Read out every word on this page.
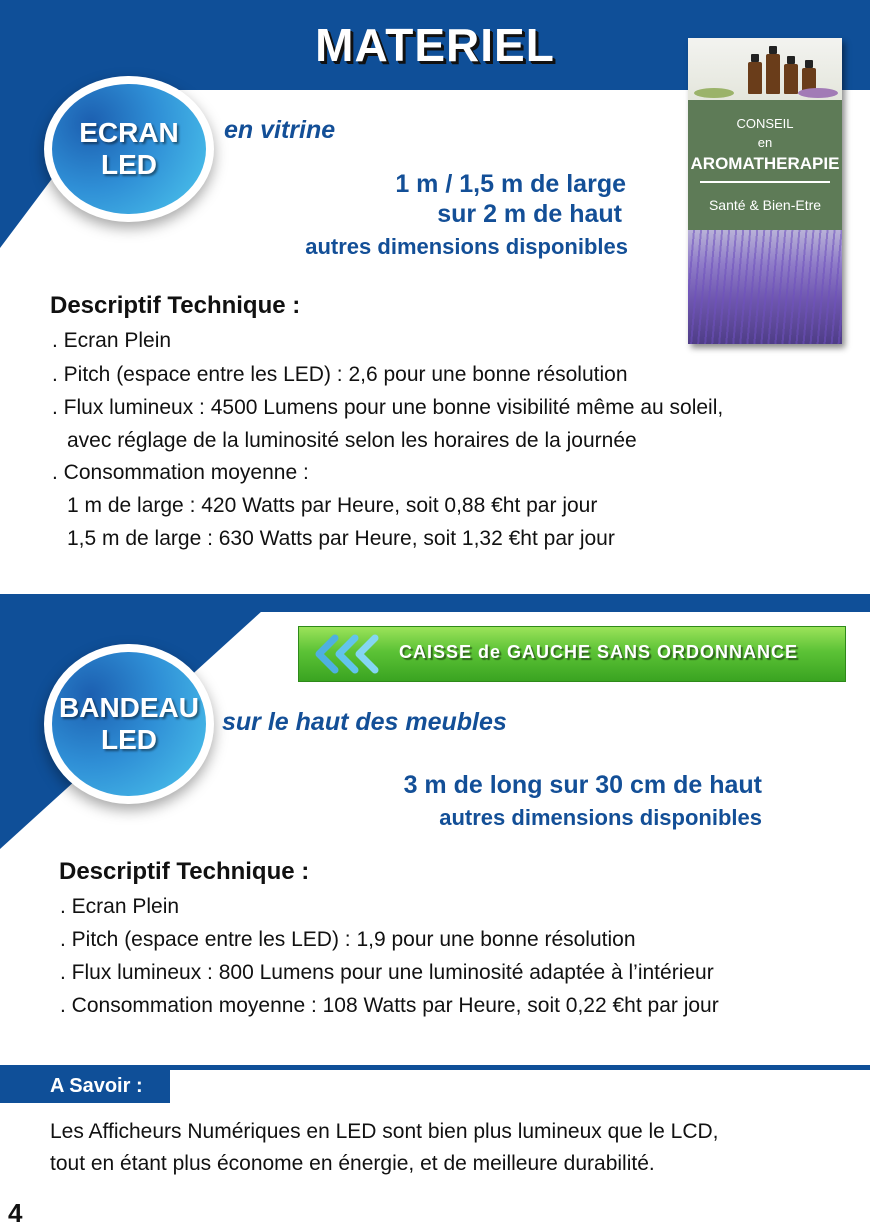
MATERIEL
ECRAN
LED
en vitrine
1 m / 1,5 m de large
sur 2 m de haut
autres dimensions disponibles
CONSEIL
en
AROMATHERAPIE
Santé & Bien-Etre
Descriptif Technique :
. Ecran Plein
. Pitch (espace entre les LED) : 2,6 pour une bonne résolution
. Flux lumineux : 4500 Lumens pour une bonne visibilité même au soleil,
avec réglage de la luminosité selon les horaires de la journée
. Consommation moyenne :
1 m de large : 420 Watts par Heure, soit 0,88 €ht par jour
1,5 m de large : 630 Watts par Heure, soit 1,32 €ht par jour
CAISSE de GAUCHE SANS ORDONNANCE
BANDEAU
LED
sur le haut des meubles
3 m de long sur 30 cm de haut
autres dimensions disponibles
Descriptif Technique :
. Ecran Plein
. Pitch (espace entre les LED) : 1,9 pour une bonne résolution
. Flux lumineux : 800 Lumens pour une luminosité adaptée à l’intérieur
. Consommation moyenne : 108 Watts par Heure, soit 0,22 €ht par jour
A Savoir :
Les Afficheurs Numériques en LED sont bien plus lumineux que le LCD,
tout en étant plus économe en énergie, et de meilleure durabilité.
4
